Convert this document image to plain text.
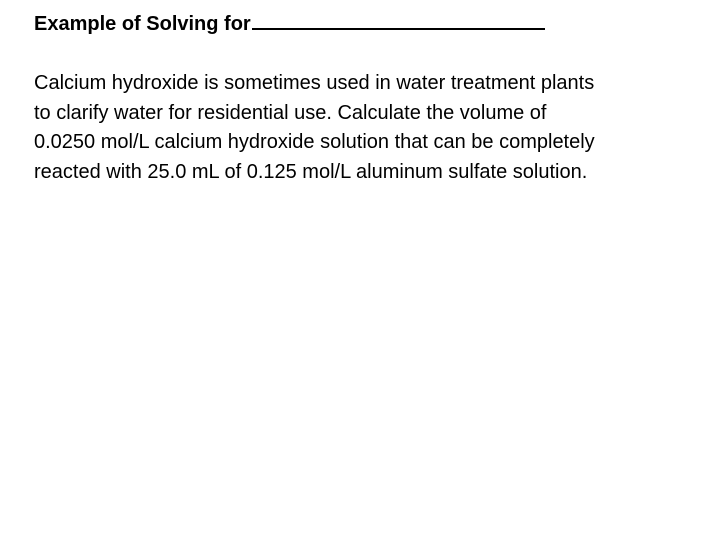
Example of Solving for

Calcium hydroxide is sometimes used in water treatment plants
to clarify water for residential use. Calculate the volume of
0.0250 mol/L calcium hydroxide solution that can be completely
reacted with 25.0 mL of 0.125 mol/L aluminum sulfate solution.
